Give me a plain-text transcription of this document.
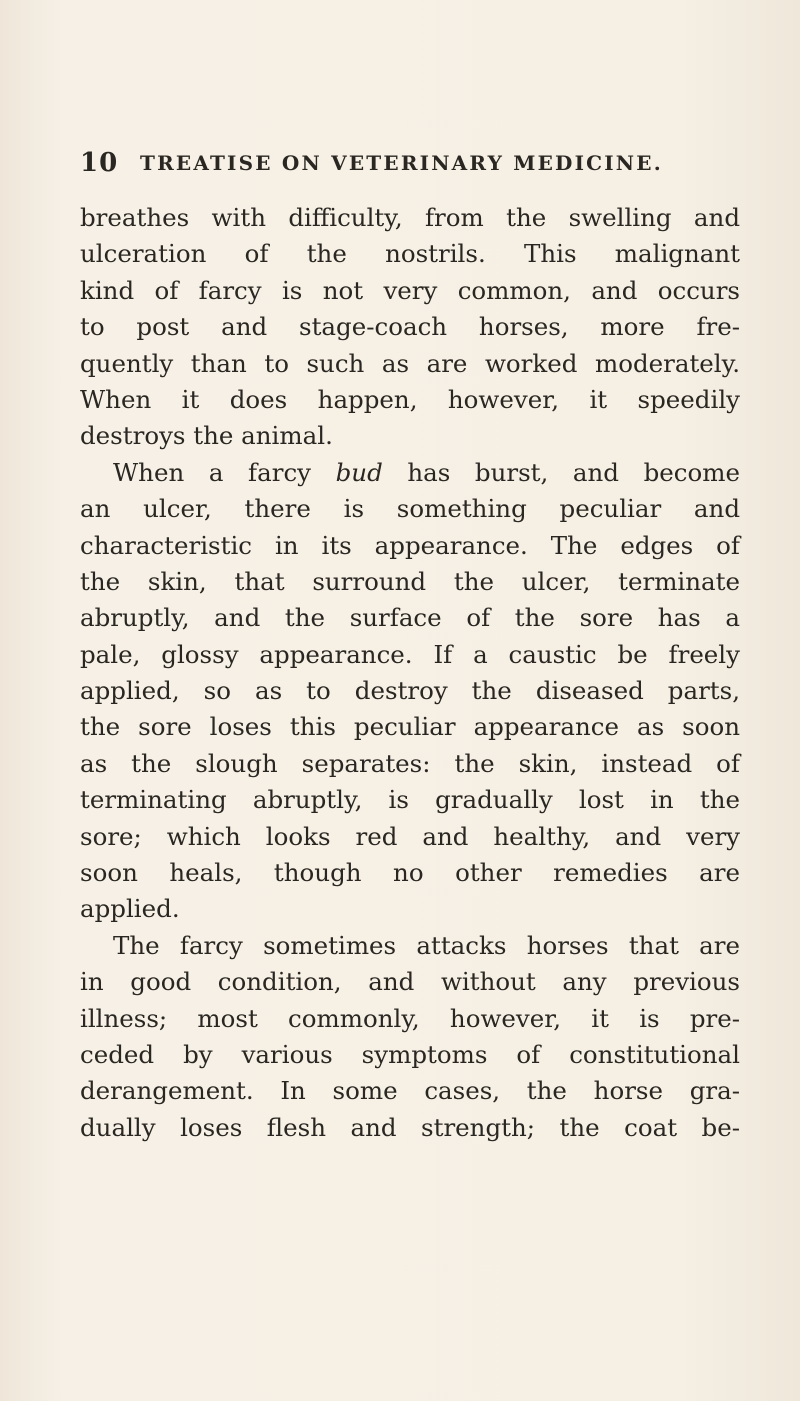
10 TREATISE ON VETERINARY MEDICINE.
breathes with difficulty, from the swelling and
ulceration of the nostrils. This malignant
kind of farcy is not very common, and occurs
to post and stage-coach horses, more fre-
quently than to such as are worked moderately.
When it does happen, however, it speedily
destroys the animal.
When a farcy bud has burst, and become
an ulcer, there is something peculiar and
characteristic in its appearance. The edges of
the skin, that surround the ulcer, terminate
abruptly, and the surface of the sore has a
pale, glossy appearance. If a caustic be freely
applied, so as to destroy the diseased parts,
the sore loses this peculiar appearance as soon
as the slough separates: the skin, instead of
terminating abruptly, is gradually lost in the
sore; which looks red and healthy, and very
soon heals, though no other remedies are
applied.
The farcy sometimes attacks horses that are
in good condition, and without any previous
illness; most commonly, however, it is pre-
ceded by various symptoms of constitutional
derangement. In some cases, the horse gra-
dually loses flesh and strength; the coat be-
